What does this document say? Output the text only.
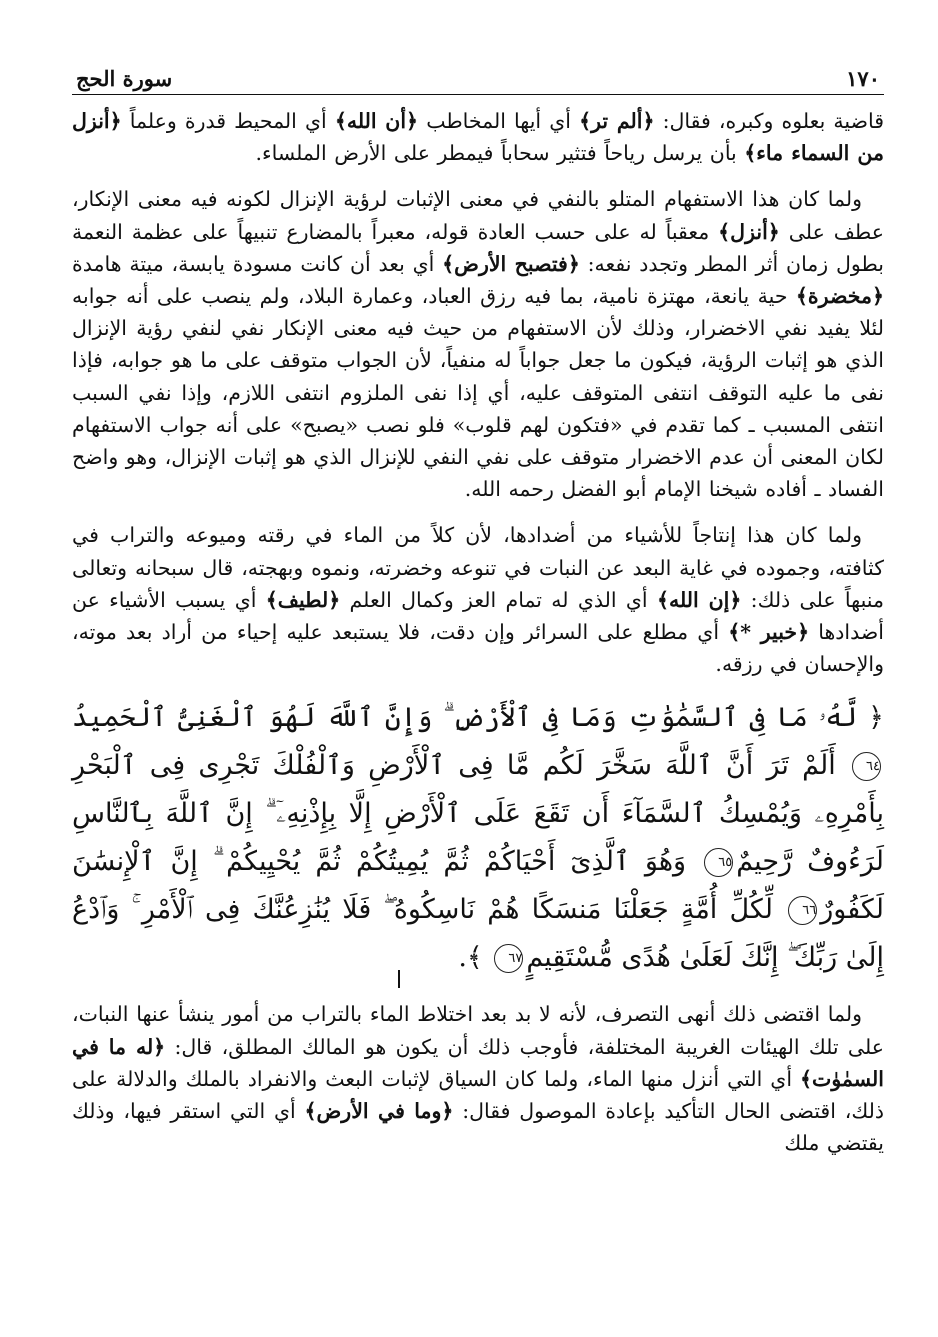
١٧٠
سورة الحج

قاضية بعلوه وكبره، فقال: ﴿ألم تر﴾ أي أيها المخاطب ﴿أن الله﴾ أي المحيط قدرة وعلماً ﴿أنزل من السماء ماء﴾ بأن يرسل رياحاً فتثير سحاباً فيمطر على الأرض الملساء.

ولما كان هذا الاستفهام المتلو بالنفي في معنى الإثبات لرؤية الإنزال لكونه فيه معنى الإنكار، عطف على ﴿أنزل﴾ معقباً له على حسب العادة قوله، معبراً بالمضارع تنبيهاً على عظمة النعمة بطول زمان أثر المطر وتجدد نفعه: ﴿فتصبح الأرض﴾ أي بعد أن كانت مسودة يابسة، ميتة هامدة ﴿مخضرة﴾ حية يانعة، مهتزة نامية، بما فيه رزق العباد، وعمارة البلاد، ولم ينصب على أنه جوابه لئلا يفيد نفي الاخضرار، وذلك لأن الاستفهام من حيث فيه معنى الإنكار نفي لنفي رؤية الإنزال الذي هو إثبات الرؤية، فيكون ما جعل جواباً له منفياً، لأن الجواب متوقف على ما هو جوابه، فإذا نفى ما عليه التوقف انتفى المتوقف عليه، أي إذا نفى الملزوم انتفى اللازم، وإذا نفي السبب انتفى المسبب ـ كما تقدم في «فتكون لهم قلوب» فلو نصب «يصبح» على أنه جواب الاستفهام لكان المعنى أن عدم الاخضرار متوقف على نفي النفي للإنزال الذي هو إثبات الإنزال، وهو واضح الفساد ـ أفاده شيخنا الإمام أبو الفضل رحمه الله.

ولما كان هذا إنتاجاً للأشياء من أضدادها، لأن كلاً من الماء في رقته وميوعه والتراب في كثافته، وجموده في غاية البعد عن النبات في تنوعه وخضرته، ونموه وبهجته، قال سبحانه وتعالى منبهاً على ذلك: ﴿إن الله﴾ أي الذي له تمام العز وكمال العلم ﴿لطيف﴾ أي يسبب الأشياء عن أضدادها ﴿خبير *﴾ أي مطلع على السرائر وإن دقت، فلا يستبعد عليه إحياء من أراد بعد موته، والإحسان في رزقه.

﴿ لَّهُۥ مَا فِى ٱلسَّمَٰوَٰتِ وَمَا فِى ٱلْأَرْضِ ۗ وَإِنَّ ٱللَّهَ لَهُوَ ٱلْغَنِىُّ ٱلْحَمِيدُ٦٤ أَلَمْ تَرَ أَنَّ ٱللَّهَ سَخَّرَ لَكُم مَّا فِى ٱلْأَرْضِ وَٱلْفُلْكَ تَجْرِى فِى ٱلْبَحْرِ بِأَمْرِهِۦ وَيُمْسِكُ ٱلسَّمَآءَ أَن تَقَعَ عَلَى ٱلْأَرْضِ إِلَّا بِإِذْنِهِۦٓ ۗ إِنَّ ٱللَّهَ بِٱلنَّاسِ لَرَءُوفٌ رَّحِيمٌ٦٥ وَهُوَ ٱلَّذِىٓ أَحْيَاكُمْ ثُمَّ يُمِيتُكُمْ ثُمَّ يُحْيِيكُمْ ۗ إِنَّ ٱلْإِنسَٰنَ لَكَفُورٌ٦٦ لِّكُلِّ أُمَّةٍ جَعَلْنَا مَنسَكًا هُمْ نَاسِكُوهُ ۖ فَلَا يُنَٰزِعُنَّكَ فِى ٱلْأَمْرِ ۚ وَٱدْعُ إِلَىٰ رَبِّكَ ۖ إِنَّكَ لَعَلَىٰ هُدًى مُّسْتَقِيمٍ٦٧ ﴾.

ولما اقتضى ذلك أنهى التصرف، لأنه لا بد بعد اختلاط الماء بالتراب من أمور ينشأ عنها النبات، على تلك الهيئات الغريبة المختلفة، فأوجب ذلك أن يكون هو المالك المطلق، قال: ﴿له ما في السمٰوٰت﴾ أي التي أنزل منها الماء، ولما كان السياق لإثبات البعث والانفراد بالملك والدلالة على ذلك، اقتضى الحال التأكيد بإعادة الموصول فقال: ﴿وما في الأرض﴾ أي التي استقر فيها، وذلك يقتضي ملك
